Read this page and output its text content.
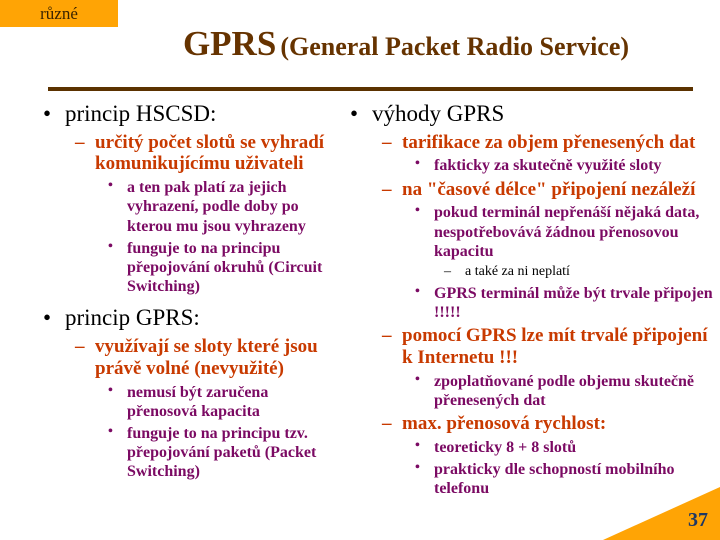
různé
GPRS (General Packet Radio Service)
• princip HSCSD:
– určitý počet slotů se vyhradí komunikujícímu uživateli
• a ten pak platí za jejich vyhrazení, podle doby po kterou mu jsou vyhrazeny
• funguje to na principu přepojování okruhů (Circuit Switching)
• princip GPRS:
– využívají se sloty které jsou právě volné (nevyužité)
• nemusí být zaručena přenosová kapacita
• funguje to na principu tzv. přepojování paketů (Packet Switching)
• výhody GPRS
– tarifikace za objem přenesených dat
• fakticky za skutečně využité sloty
– na "časové délce" připojení nezáleží
• pokud terminál nepřenáší nějaká data, nespotřebovává žádnou přenosovou kapacitu
– a také za ni neplatí
• GPRS terminál může být trvale připojen !!!!!
– pomocí GPRS lze mít trvalé připojení k Internetu !!!
• zpoplatňované podle objemu skutečně přenesených dat
– max. přenosová rychlost:
• teoreticky 8 + 8 slotů
• prakticky dle schopností mobilního telefonu
37
